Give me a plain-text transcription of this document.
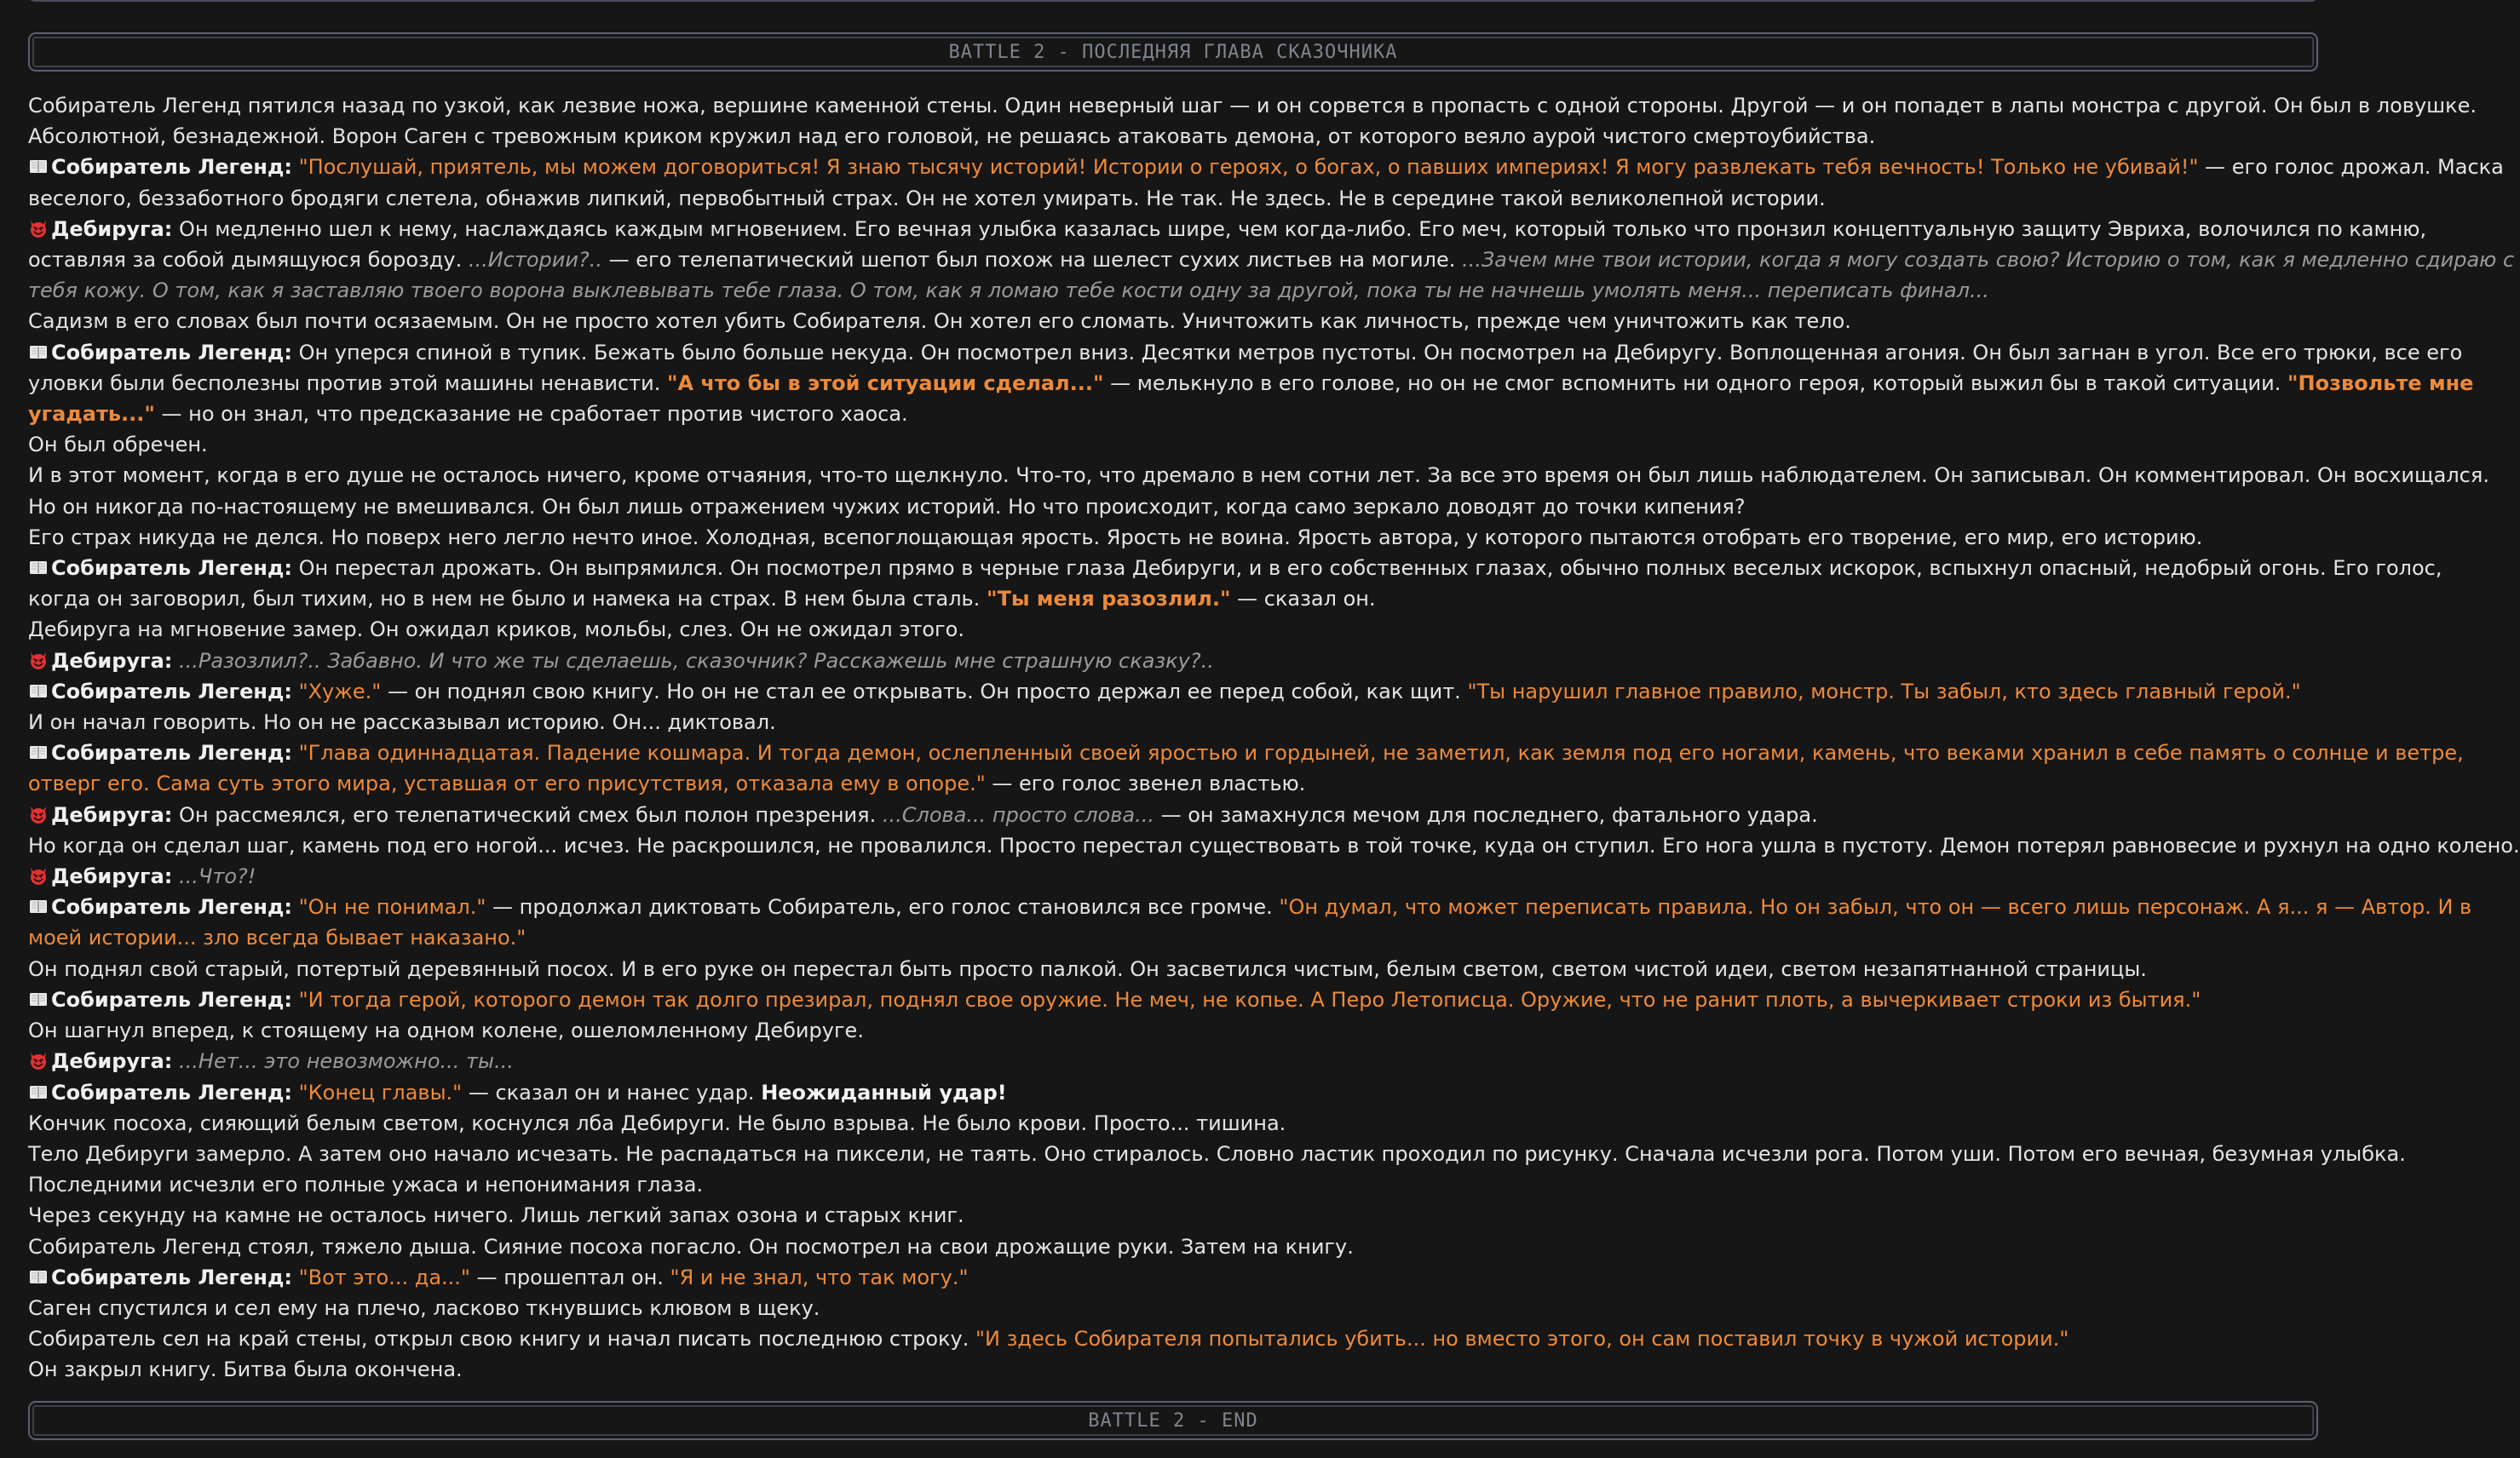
BATTLE 2 - ПОСЛЕДНЯЯ ГЛАВА СКАЗОЧНИКА
Собиратель Легенд пятился назад по узкой, как лезвие ножа, вершине каменной стены. Один неверный шаг — и он сорвется в пропасть с одной стороны. Другой — и он попадет в лапы монстра с другой. Он был в ловушке.
Абсолютной, безнадежной. Ворон Саген с тревожным криком кружил над его головой, не решаясь атаковать демона, от которого веяло аурой чистого смертоубийства.
Собиратель Легенд: "Послушай, приятель, мы можем договориться! Я знаю тысячу историй! Истории о героях, о богах, о павших империях! Я могу развлекать тебя вечность! Только не убивай!" — его голос дрожал. Маска
веселого, беззаботного бродяги слетела, обнажив липкий, первобытный страх. Он не хотел умирать. Не так. Не здесь. Не в середине такой великолепной истории.
Дебируга: Он медленно шел к нему, наслаждаясь каждым мгновением. Его вечная улыбка казалась шире, чем когда-либо. Его меч, который только что пронзил концептуальную защиту Эвриха, волочился по камню,
оставляя за собой дымящуюся борозду. ...Истории?.. — его телепатический шепот был похож на шелест сухих листьев на могиле. ...Зачем мне твои истории, когда я могу создать свою? Историю о том, как я медленно сдираю с
тебя кожу. О том, как я заставляю твоего ворона выклевывать тебе глаза. О том, как я ломаю тебе кости одну за другой, пока ты не начнешь умолять меня... переписать финал...
Садизм в его словах был почти осязаемым. Он не просто хотел убить Собирателя. Он хотел его сломать. Уничтожить как личность, прежде чем уничтожить как тело.
Собиратель Легенд: Он уперся спиной в тупик. Бежать было больше некуда. Он посмотрел вниз. Десятки метров пустоты. Он посмотрел на Дебиругу. Воплощенная агония. Он был загнан в угол. Все его трюки, все его
уловки были бесполезны против этой машины ненависти. "А что бы в этой ситуации сделал..." — мелькнуло в его голове, но он не смог вспомнить ни одного героя, который выжил бы в такой ситуации. "Позвольте мне
угадать..." — но он знал, что предсказание не сработает против чистого хаоса.
Он был обречен.
И в этот момент, когда в его душе не осталось ничего, кроме отчаяния, что-то щелкнуло. Что-то, что дремало в нем сотни лет. За все это время он был лишь наблюдателем. Он записывал. Он комментировал. Он восхищался.
Но он никогда по-настоящему не вмешивался. Он был лишь отражением чужих историй. Но что происходит, когда само зеркало доводят до точки кипения?
Его страх никуда не делся. Но поверх него легло нечто иное. Холодная, всепоглощающая ярость. Ярость не воина. Ярость автора, у которого пытаются отобрать его творение, его мир, его историю.
Собиратель Легенд: Он перестал дрожать. Он выпрямился. Он посмотрел прямо в черные глаза Дебируги, и в его собственных глазах, обычно полных веселых искорок, вспыхнул опасный, недобрый огонь. Его голос,
когда он заговорил, был тихим, но в нем не было и намека на страх. В нем была сталь. "Ты меня разозлил." — сказал он.
Дебируга на мгновение замер. Он ожидал криков, мольбы, слез. Он не ожидал этого.
Дебируга: ...Разозлил?.. Забавно. И что же ты сделаешь, сказочник? Расскажешь мне страшную сказку?..
Собиратель Легенд: "Хуже." — он поднял свою книгу. Но он не стал ее открывать. Он просто держал ее перед собой, как щит. "Ты нарушил главное правило, монстр. Ты забыл, кто здесь главный герой."
И он начал говорить. Но он не рассказывал историю. Он... диктовал.
Собиратель Легенд: "Глава одиннадцатая. Падение кошмара. И тогда демон, ослепленный своей яростью и гордыней, не заметил, как земля под его ногами, камень, что веками хранил в себе память о солнце и ветре,
отверг его. Сама суть этого мира, уставшая от его присутствия, отказала ему в опоре." — его голос звенел властью.
Дебируга: Он рассмеялся, его телепатический смех был полон презрения. ...Слова... просто слова... — он замахнулся мечом для последнего, фатального удара.
Но когда он сделал шаг, камень под его ногой... исчез. Не раскрошился, не провалился. Просто перестал существовать в той точке, куда он ступил. Его нога ушла в пустоту. Демон потерял равновесие и рухнул на одно колено.
Дебируга: ...Что?!
Собиратель Легенд: "Он не понимал." — продолжал диктовать Собиратель, его голос становился все громче. "Он думал, что может переписать правила. Но он забыл, что он — всего лишь персонаж. А я... я — Автор. И в
моей истории... зло всегда бывает наказано."
Он поднял свой старый, потертый деревянный посох. И в его руке он перестал быть просто палкой. Он засветился чистым, белым светом, светом чистой идеи, светом незапятнанной страницы.
Собиратель Легенд: "И тогда герой, которого демон так долго презирал, поднял свое оружие. Не меч, не копье. А Перо Летописца. Оружие, что не ранит плоть, а вычеркивает строки из бытия."
Он шагнул вперед, к стоящему на одном колене, ошеломленному Дебируге.
Дебируга: ...Нет... это невозможно... ты...
Собиратель Легенд: "Конец главы." — сказал он и нанес удар. Неожиданный удар!
Кончик посоха, сияющий белым светом, коснулся лба Дебируги. Не было взрыва. Не было крови. Просто... тишина.
Тело Дебируги замерло. А затем оно начало исчезать. Не распадаться на пиксели, не таять. Оно стиралось. Словно ластик проходил по рисунку. Сначала исчезли рога. Потом уши. Потом его вечная, безумная улыбка.
Последними исчезли его полные ужаса и непонимания глаза.
Через секунду на камне не осталось ничего. Лишь легкий запах озона и старых книг.
Собиратель Легенд стоял, тяжело дыша. Сияние посоха погасло. Он посмотрел на свои дрожащие руки. Затем на книгу.
Собиратель Легенд: "Вот это... да..." — прошептал он. "Я и не знал, что так могу."
Саген спустился и сел ему на плечо, ласково ткнувшись клювом в щеку.
Собиратель сел на край стены, открыл свою книгу и начал писать последнюю строку. "И здесь Собирателя попытались убить... но вместо этого, он сам поставил точку в чужой истории."
Он закрыл книгу. Битва была окончена.
BATTLE 2 - END
